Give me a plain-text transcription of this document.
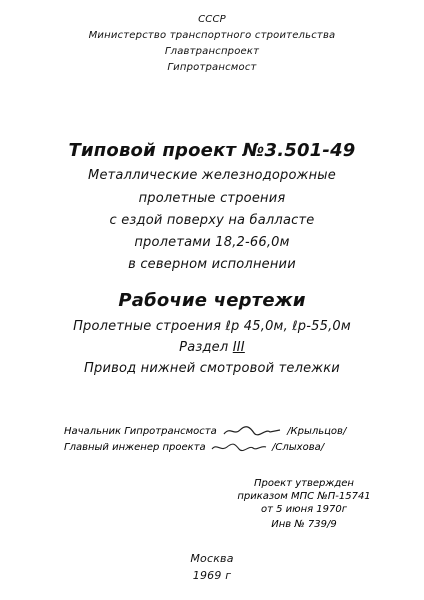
СССР
Министерство транспортного строительства
Главтранспроект
Гипротрансмост
Типовой проект №3.501-49
Металлические железнодорожные
пролетные строения
с ездой поверху на балласте
пролетами 18,2-66,0м
в северном исполнении
Рабочие чертежи
Пролетные строения ℓр 45,0м, ℓр-55,0м
Раздел III
Привод нижней смотровой тележки
Начальник Гипротрансмоста	/Крыльцов/
Главный инженер проекта	/Слыхова/
Проект утвержден
приказом МПС №П-15741
от 5 июня 1970г
Инв № 739/9
Москва
1969 г
